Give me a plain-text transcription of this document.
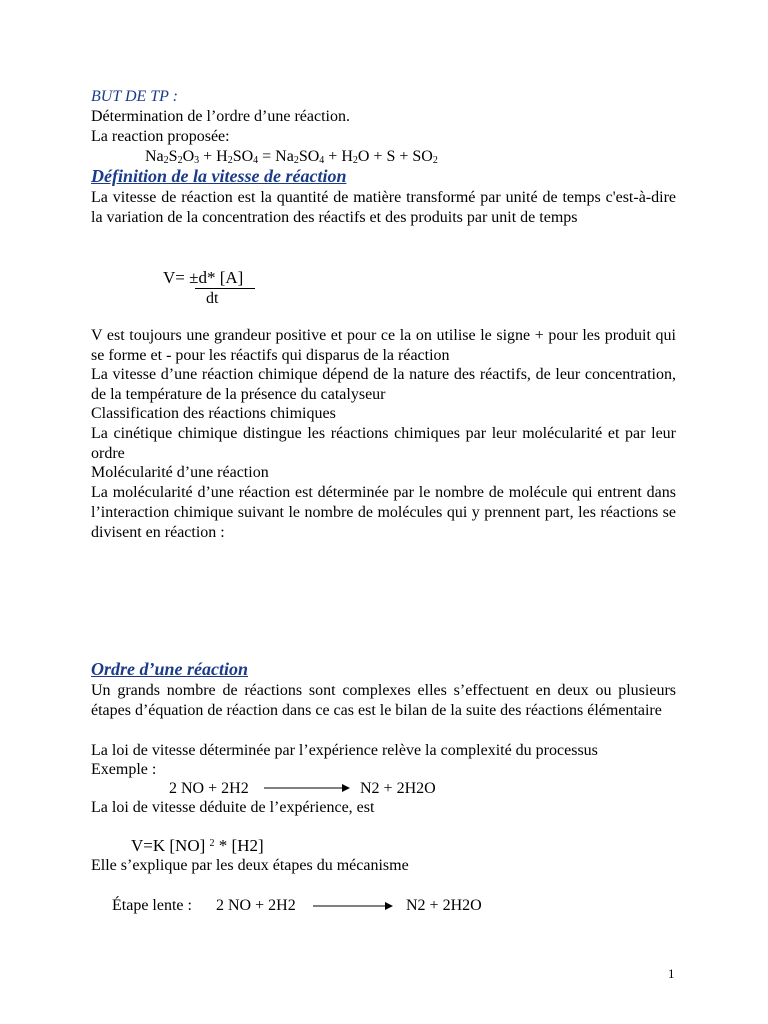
BUT DE TP :
Détermination de l’ordre d’une réaction.
La reaction proposée:
$Na_2S_2O_3 + H_2SO_4 = Na_2SO_4 + H_2O + S + SO_2$
Définition de la vitesse de réaction

La vitesse de réaction est la quantité de matière transformé par unité de temps c'est-à-dire la variation de la concentration des réactifs et des produits par unit de temps

V= ±d* [A]
dt

V est toujours une grandeur positive et pour ce la on utilise le signe + pour les produit qui se forme et - pour les réactifs qui disparus de la réaction

La vitesse d’une réaction chimique dépend de la nature des réactifs, de leur concentration, de la température de la présence du catalyseur

Classification des réactions chimiques

La cinétique chimique distingue les réactions chimiques par leur molécularité et par leur ordre

Molécularité d’une réaction

La molécularité d’une réaction est déterminée par le nombre de molécule qui entrent dans l’interaction chimique suivant le nombre de molécules qui y prennent part, les réactions se divisent en réaction :

Ordre d’une réaction

Un grands nombre de réactions sont complexes elles s’effectuent en deux ou plusieurs étapes d’équation de réaction dans ce cas est le bilan de la suite des réactions élémentaire

La loi de vitesse déterminée par l’expérience relève la complexité du processus
Exemple :
2 NO + 2H2	N2 + 2H2O
La loi de vitesse déduite de l’expérience, est
V=K [NO] $^2$ * [H2]
Elle s’explique par les deux étapes du mécanisme
Étape lente : 2 NO + 2H2	N2 + 2H2O
1
